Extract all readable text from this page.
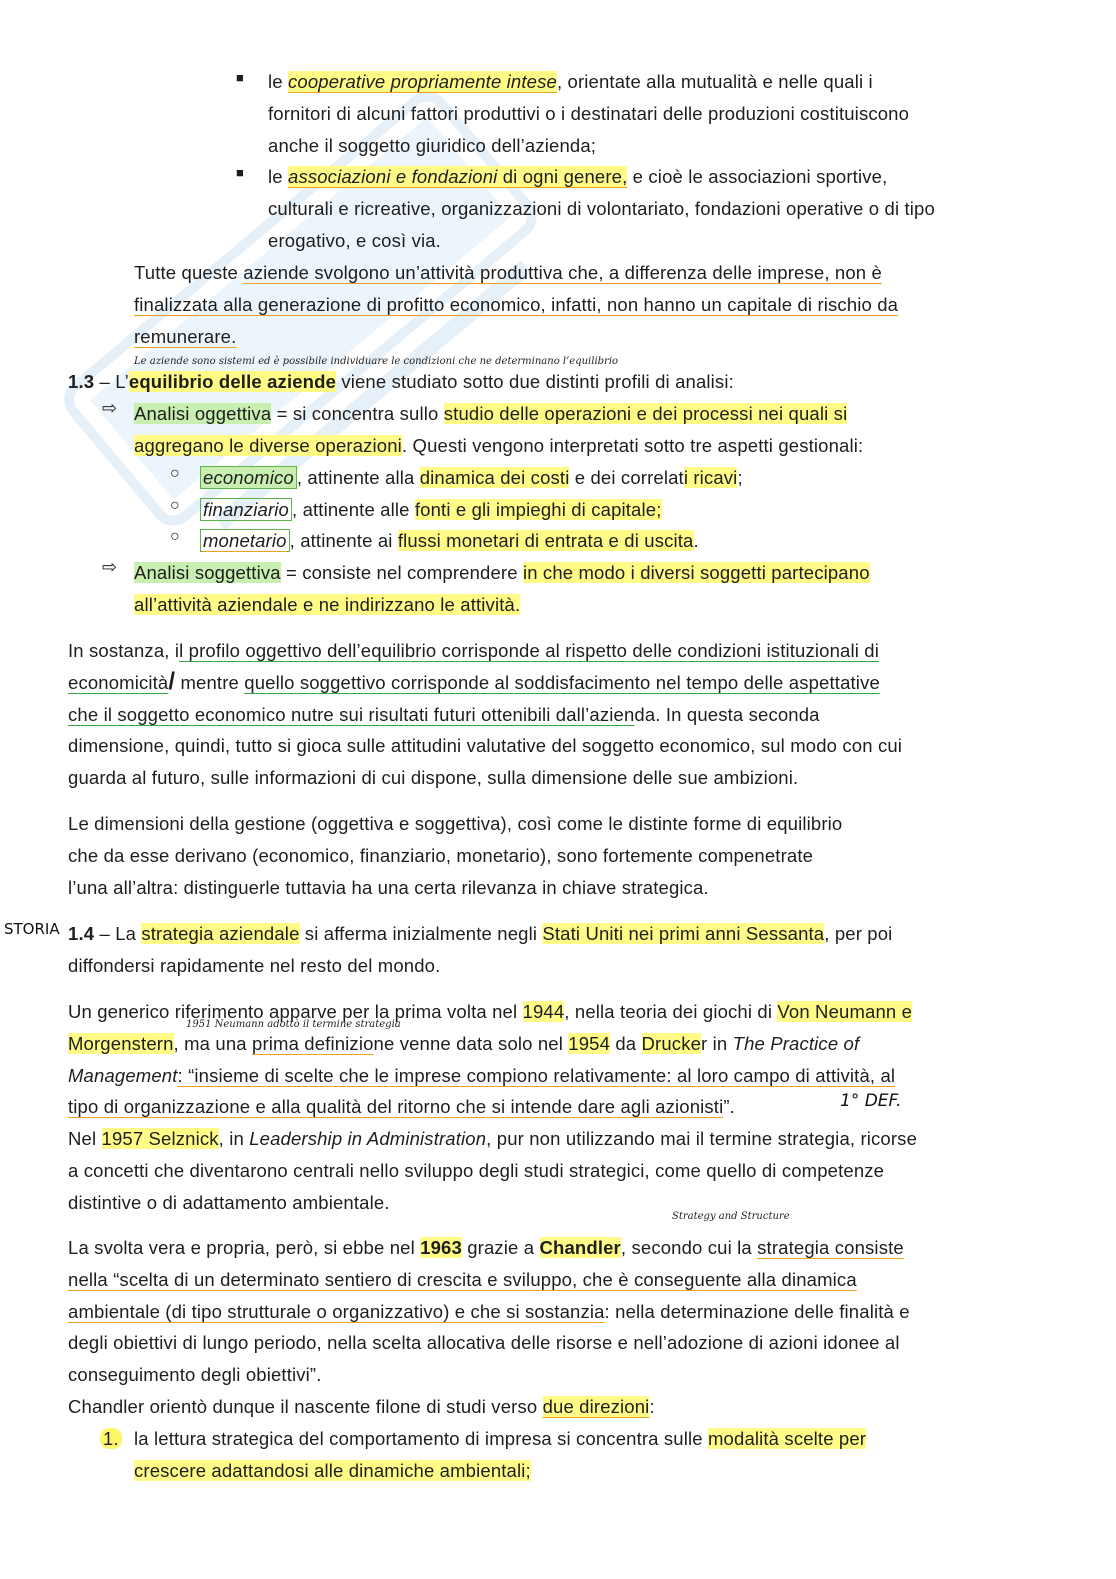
■ le cooperative propriamente intese, orientate alla mutualità e nelle quali i
fornitori di alcuni fattori produttivi o i destinatari delle produzioni costituiscono
anche il soggetto giuridico dell’azienda;
■ le associazioni e fondazioni di ogni genere, e cioè le associazioni sportive,
culturali e ricreative, organizzazioni di volontariato, fondazioni operative o di tipo
erogativo, e così via.
Tutte queste aziende svolgono un’attività produttiva che, a differenza delle imprese, non è
finalizzata alla generazione di profitto economico, infatti, non hanno un capitale di rischio da
remunerare.
Le aziende sono sistemi ed è possibile individuare le condizioni che ne determinano l’equilibrio
1.3 – L’equilibrio delle aziende viene studiato sotto due distinti profili di analisi:
⇨ Analisi oggettiva = si concentra sullo studio delle operazioni e dei processi nei quali si
aggregano le diverse operazioni. Questi vengono interpretati sotto tre aspetti gestionali:
○ economico , attinente alla dinamica dei costi e dei correlati ricavi;
○ finanziario , attinente alle fonti e gli impieghi di capitale;
○ monetario , attinente ai flussi monetari di entrata e di uscita.
⇨ Analisi soggettiva = consiste nel comprendere in che modo i diversi soggetti partecipano
all’attività aziendale e ne indirizzano le attività.
In sostanza, il profilo oggettivo dell’equilibrio corrisponde al rispetto delle condizioni istituzionali di
economicità/ mentre quello soggettivo corrisponde al soddisfacimento nel tempo delle aspettative
che il soggetto economico nutre sui risultati futuri ottenibili dall’azienda. In questa seconda
dimensione, quindi, tutto si gioca sulle attitudini valutative del soggetto economico, sul modo con cui
guarda al futuro, sulle informazioni di cui dispone, sulla dimensione delle sue ambizioni.
Le dimensioni della gestione (oggettiva e soggettiva), così come le distinte forme di equilibrio
che da esse derivano (economico, finanziario, monetario), sono fortemente compenetrate
l’una all’altra: distinguerle tuttavia ha una certa rilevanza in chiave strategica.
STORIA 1.4 – La strategia aziendale si afferma inizialmente negli Stati Uniti nei primi anni Sessanta, per poi
diffondersi rapidamente nel resto del mondo.
Un generico riferimento apparve per la prima volta nel 1944, nella teoria dei giochi di Von Neumann e
1951 Neumann adottò il termine strategia
Morgenstern, ma una prima definizione venne data solo nel 1954 da Drucker in The Practice of
Management: “insieme di scelte che le imprese compiono relativamente: al loro campo di attività, al
tipo di organizzazione e alla qualità del ritorno che si intende dare agli azionisti”.	1° DEF.
Nel 1957 Selznick, in Leadership in Administration, pur non utilizzando mai il termine strategia, ricorse
a concetti che diventarono centrali nello sviluppo degli studi strategici, come quello di competenze
distintive o di adattamento ambientale.
Strategy and Structure
La svolta vera e propria, però, si ebbe nel 1963 grazie a Chandler, secondo cui la strategia consiste
nella “scelta di un determinato sentiero di crescita e sviluppo, che è conseguente alla dinamica
ambientale (di tipo strutturale o organizzativo) e che si sostanzia: nella determinazione delle finalità e
degli obiettivi di lungo periodo, nella scelta allocativa delle risorse e nell’adozione di azioni idonee al
conseguimento degli obiettivi”.
Chandler orientò dunque il nascente filone di studi verso due direzioni:
1. la lettura strategica del comportamento di impresa si concentra sulle modalità scelte per
crescere adattandosi alle dinamiche ambientali;
